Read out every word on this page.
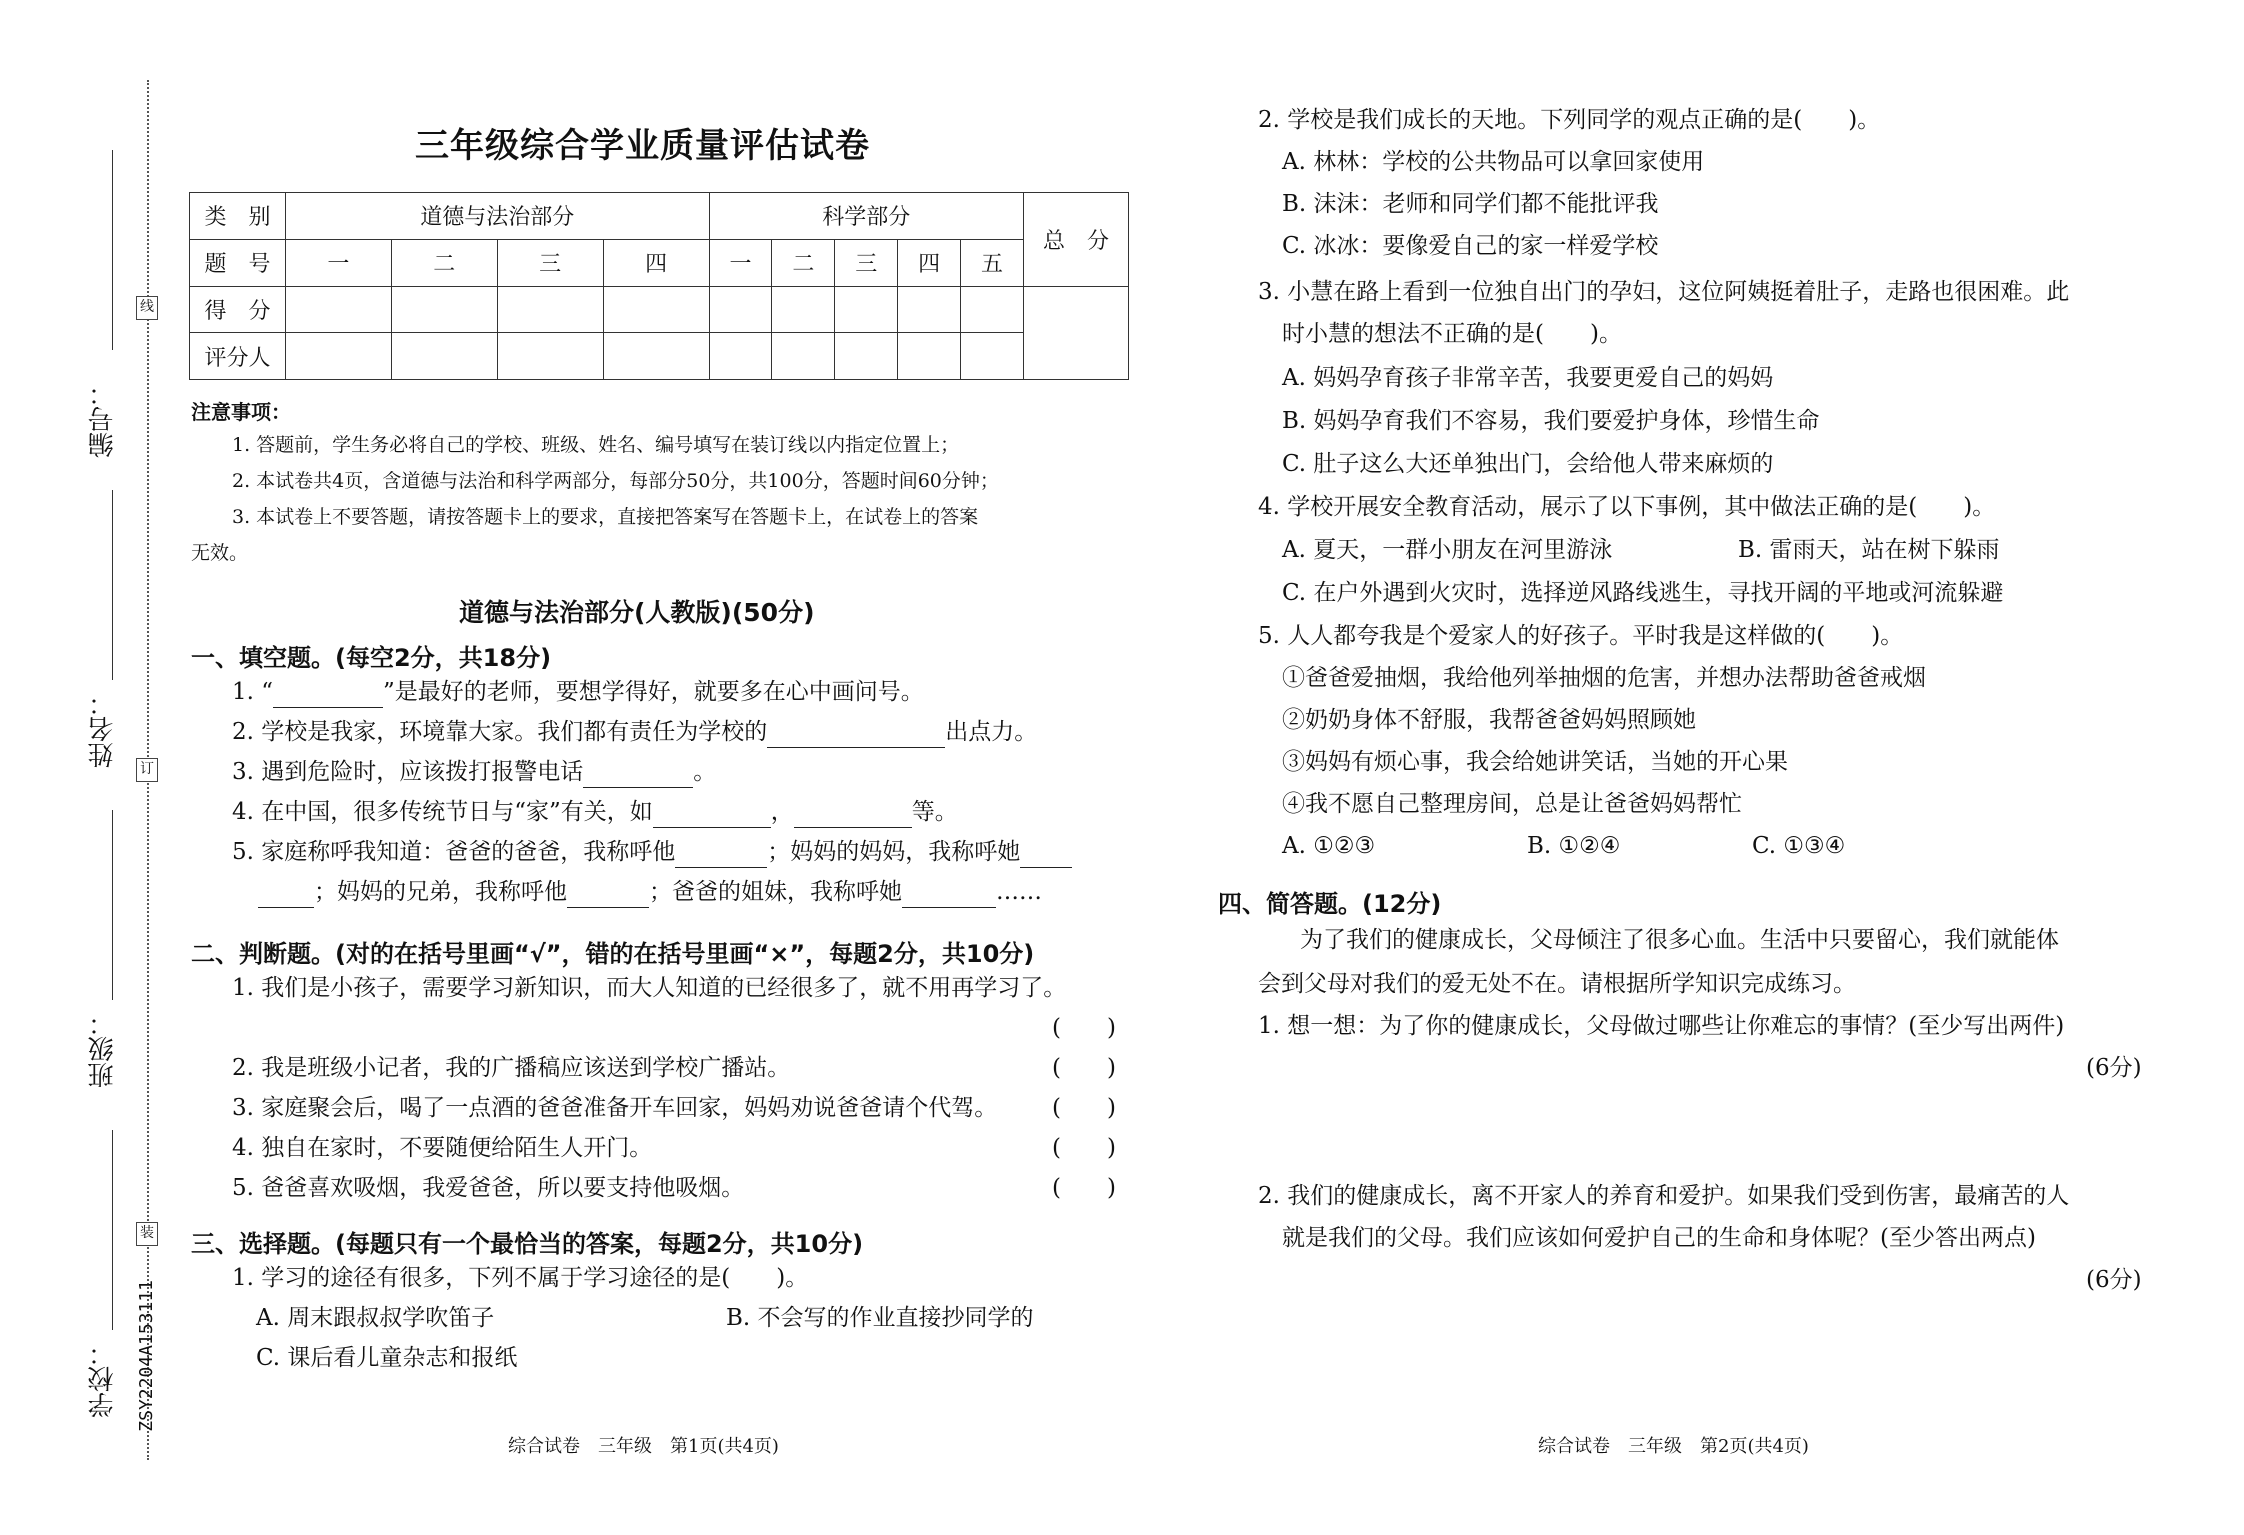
线
订
装
编号：
姓名：
班级：
学校： ZSY2204A153111
三年级综合学业质量评估试卷
类　别	道德与法治部分				科学部分					总　分
题　号	一	二	三	四	一	二	三	四	五	
得　分										
评分人										
注意事项：
1. 答题前，学生务必将自己的学校、班级、姓名、编号填写在装订线以内指定位置上；
2. 本试卷共4页，含道德与法治和科学两部分，每部分50分，共100分，答题时间60分钟；
3. 本试卷上不要答题，请按答题卡上的要求，直接把答案写在答题卡上，在试卷上的答案
无效。
道德与法治部分(人教版)(50分)
一、填空题。(每空2分，共18分)
1. “	”是最好的老师，要想学得好，就要多在心中画问号。
2. 学校是我家，环境靠大家。我们都有责任为学校的	出点力。
3. 遇到危险时，应该拨打报警电话	。
4. 在中国，很多传统节日与“家”有关，如	，	等。
5. 家庭称呼我知道：爸爸的爸爸，我称呼他	；妈妈的妈妈，我称呼她
；妈妈的兄弟，我称呼他	；爸爸的姐妹，我称呼她	……
二、判断题。(对的在括号里画“√”，错的在括号里画“×”，每题2分，共10分)
1. 我们是小孩子，需要学习新知识，而大人知道的已经很多了，就不用再学习了。
(　　)
2. 我是班级小记者，我的广播稿应该送到学校广播站。	(　　)
3. 家庭聚会后，喝了一点酒的爸爸准备开车回家，妈妈劝说爸爸请个代驾。 (　　)
4. 独自在家时，不要随便给陌生人开门。	(　　)
5. 爸爸喜欢吸烟，我爱爸爸，所以要支持他吸烟。	(　　)
三、选择题。(每题只有一个最恰当的答案，每题2分，共10分)
1. 学习的途径有很多，下列不属于学习途径的是(　　)。
A. 周末跟叔叔学吹笛子	B. 不会写的作业直接抄同学的
C. 课后看儿童杂志和报纸
综合试卷　三年级　第1页(共4页)
2. 学校是我们成长的天地。下列同学的观点正确的是(　　)。
A. 林林：学校的公共物品可以拿回家使用
B. 沫沫：老师和同学们都不能批评我
C. 冰冰：要像爱自己的家一样爱学校
3. 小慧在路上看到一位独自出门的孕妇，这位阿姨挺着肚子，走路也很困难。此
时小慧的想法不正确的是(　　)。
A. 妈妈孕育孩子非常辛苦，我要更爱自己的妈妈
B. 妈妈孕育我们不容易，我们要爱护身体，珍惜生命
C. 肚子这么大还单独出门，会给他人带来麻烦的
4. 学校开展安全教育活动，展示了以下事例，其中做法正确的是(　　)。
A. 夏天，一群小朋友在河里游泳	B. 雷雨天，站在树下躲雨
C. 在户外遇到火灾时，选择逆风路线逃生，寻找开阔的平地或河流躲避
5. 人人都夸我是个爱家人的好孩子。平时我是这样做的(　　)。
①爸爸爱抽烟，我给他列举抽烟的危害，并想办法帮助爸爸戒烟
②奶奶身体不舒服，我帮爸爸妈妈照顾她
③妈妈有烦心事，我会给她讲笑话，当她的开心果
④我不愿自己整理房间，总是让爸爸妈妈帮忙
A. ①②③	B. ①②④	C. ①③④
四、简答题。(12分)
为了我们的健康成长，父母倾注了很多心血。生活中只要留心，我们就能体
会到父母对我们的爱无处不在。请根据所学知识完成练习。
1. 想一想：为了你的健康成长，父母做过哪些让你难忘的事情？(至少写出两件)
(6分)
2. 我们的健康成长，离不开家人的养育和爱护。如果我们受到伤害，最痛苦的人
就是我们的父母。我们应该如何爱护自己的生命和身体呢？(至少答出两点)
(6分)
综合试卷　三年级　第2页(共4页)
